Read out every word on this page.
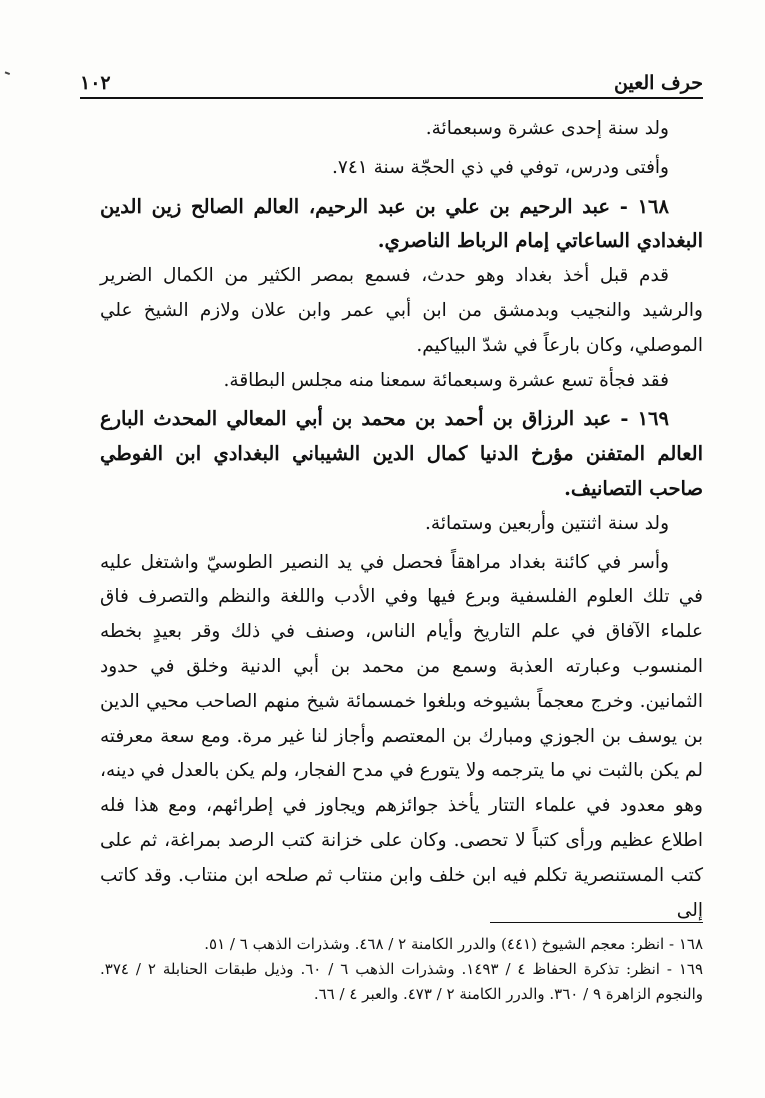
حرف العين
١٠٢

ولد سنة إحدى عشرة وسبعمائة.

وأفتى ودرس، توفي في ذي الحجّة سنة ٧٤١.

١٦٨ - عبد الرحيم بن علي بن عبد الرحيم، العالم الصالح زين الدين البغدادي الساعاتي إمام الرباط الناصري.

قدم قبل أخذ بغداد وهو حدث، فسمع بمصر الكثير من الكمال الضرير والرشيد والنجيب وبدمشق من ابن أبي عمر وابن علان ولازم الشيخ علي الموصلي، وكان بارعاً في شدّ البياكيم.

فقد فجأة تسع عشرة وسبعمائة سمعنا منه مجلس البطاقة.

١٦٩ - عبد الرزاق بن أحمد بن محمد بن أبي المعالي المحدث البارع العالم المتفنن مؤرخ الدنيا كمال الدين الشيباني البغدادي ابن الفوطي صاحب التصانيف.

ولد سنة اثنتين وأربعين وستمائة.

وأسر في كائنة بغداد مراهقاً فحصل في يد النصير الطوسيّ واشتغل عليه في تلك العلوم الفلسفية وبرع فيها وفي الأدب واللغة والنظم والتصرف فاق علماء الآفاق في علم التاريخ وأيام الناس، وصنف في ذلك وقر بعيدٍ بخطه المنسوب وعبارته العذبة وسمع من محمد بن أبي الدنية وخلق في حدود الثمانين. وخرج معجماً بشيوخه وبلغوا خمسمائة شيخ منهم الصاحب محيي الدين بن يوسف بن الجوزي ومبارك بن المعتصم وأجاز لنا غير مرة. ومع سعة معرفته لم يكن بالثبت ني ما يترجمه ولا يتورع في مدح الفجار، ولم يكن بالعدل في دينه، وهو معدود في علماء التتار يأخذ جوائزهم ويجاوز في إطرائهم، ومع هذا فله اطلاع عظيم ورأى كتباً لا تحصى. وكان على خزانة كتب الرصد بمراغة، ثم على كتب المستنصرية تكلم فيه ابن خلف وابن منتاب ثم صلحه ابن منتاب. وقد كاتب إلى

١٦٨ - انظر: معجم الشيوخ (٤٤١) والدرر الكامنة ٢ / ٤٦٨. وشذرات الذهب ٦ / ٥١.

١٦٩ - انظر: تذكرة الحفاظ ٤ / ١٤٩٣. وشذرات الذهب ٦ / ٦٠. وذيل طبقات الحنابلة ٢ / ٣٧٤. والنجوم الزاهرة ٩ / ٣٦٠. والدرر الكامنة ٢ / ٤٧٣. والعبر ٤ / ٦٦.
